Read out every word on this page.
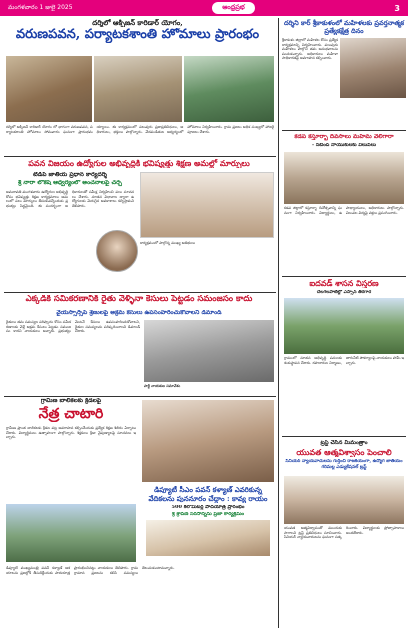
మంగళవారం 1 జులై 2025	ఆంధ్రప్రభ	3
దర్శిలో ఆక్సిజన్ కారిడార్ యోగం,
వరుణపవన, పర్యాటకశాంతి హోమాలు ప్రారంభం
దర్శిలో ఆక్సిజన్ కారిడార్ యోగం లో భాగంగా వరుణపవన, పర్యాటకశాంతి హోమాలు సోమవారం ఘనంగా ప్రారంభమయ్యాయి. ఈ కార్యక్రమంలో పలువురు ప్రజాప్రతినిధులు, అధికారులు, భక్తులు పాల్గొన్నారు. వేదపండితుల ఆధ్వర్యంలో హోమాలు నిర్వహించారు. గ్రామ ప్రజలు అధిక సంఖ్యలో హాజరై పూజలు చేశారు.
పవన విజయం ఉద్యోగుల అభివృద్ధికి భవిష్యత్తు శిక్షణ అమల్లో మార్పులు
టీడీపీ జాతీయ ప్రధాన కార్యదర్శి
శ్రీ నారా లోకేష్ ఆధ్వర్యంలో అంచనాలపై చర్చ
అమరావతి మంగళవారం ఉద్యోగుల అభివృద్ధి కోసం భవిష్యత్తు శిక్షణ కార్యక్రమాలు అమలులో పలు మార్పులు తీసుకువచ్చేందుకు ప్రభుత్వం సిద్ధమైంది. ఈ సందర్భంగా అధికారులతో సమీక్ష నిర్వహించి పలు సూచనలు చేశారు. నూతన విధానాల ద్వారా ఉద్యోగులకు మెరుగైన అవకాశాలు కల్పిస్తామని తెలిపారు.
కార్యక్రమంలో పాల్గొన్న ముఖ్య అతిథులు
ఎక్కడికి సమీకరణానికి రైతు వెళ్ళినా కేసులు పెట్టడం సమంజసం కాదు
వైయస్సార్సీపి శ్రేణులపై అక్రమ కేసులు ఉపసంహరించుకోవాలని డిమాండ్
రైతులు తమ సమస్యల పరిష్కారం కోసం సమీకరణాలకు వెళ్తే అక్రమ కేసులు పెట్టడం సమంజసం కాదని నాయకులు అన్నారు. ప్రభుత్వం వెంటనే కేసులు ఉపసంహరించుకోవాలని, రైతుల సమస్యలను పరిష్కరించాలని డిమాండ్ చేశారు.
పార్టీ నాయకుల సమావేశం
గ్రామీణ బాలికలకు క్రీడలపై
నేత్ర చాటారి
గ్రామీణ ప్రాంత బాలికలకు క్రీడల పట్ల అవగాహన కల్పించేందుకు ప్రత్యేక శిక్షణ శిబిరం ఏర్పాటు చేశారు. విద్యార్థినులు ఉత్సాహంగా పాల్గొన్నారు. శిక్షకులు క్రీడా నైపుణ్యాలపై సూచనలు ఇచ్చారు.
డిప్యూటీ సీఎం పవన్ కళ్యాణ్ ఎవరికున్న వేదికలను పుననూరం చేద్దాం : కావ్య రాయం
500 కిలోమీటర్ల పాదయాత్ర ప్రారంభం
శ్రీ శ్రావణ్ సరసాన్నను ప్రజా కార్యక్రమం
డిప్యూటీ ముఖ్యమంత్రి పవన్ కళ్యాణ్ ఆశయాలను ప్రజల్లోకి తీసుకెళ్లేందుకు పాదయాత్ర ప్రారంభించినట్లు నాయకులు తెలిపారు. గ్రామ గ్రామాన ప్రజలను కలిసి సమస్యలు తెలుసుకుంటామన్నారు.
దర్శిని కార్ శ్రీకాకుళంలో మహిళలకు ప్రవర్తనాత్మక ప్రత్యేకక్షేత్ర దినం
శ్రీకాకుళం జిల్లాలో మహిళల కోసం ప్రత్యేక కార్యక్రమాన్ని నిర్వహించారు. పలువురు మహిళలు పాల్గొని తమ అనుభవాలను పంచుకున్నారు. అధికారులు మహిళా సాధికారతపై అవగాహన కల్పించారు.
కడప కస్తూర్బా దివసాలు మహిమ వెలిగారా
- సిబింద్ నాయుకులకు విలువలు
కడప జిల్లాలో కస్తూర్బా దినోత్సవాన్ని ఘనంగా నిర్వహించారు. విద్యార్థులు, ఉపాధ్యాయులు, అధికారులు పాల్గొన్నారు. విలువల విద్యపై వక్తలు ప్రసంగించారు.
ఐదవడ్ శాసన విస్తరణ
చేలగలపాటిల్లో ఎస్సాన్ తిరగార
గ్రామంలో నూతన అభివృద్ధి పనులకు శంకుస్థాపన చేశారు. రహదారుల నిర్మాణం, తాగునీటి సౌకర్యాలపై నాయకులు హామీ ఇచ్చారు.
ట్రస్ట్ చేసిన మీమంత్రాం
యువత ఆత్మవిశ్వాసం పెంచాలి
సీనియర్ న్యాయవాదులను గుర్తించి రాజకీయంగా, ఉద్యోగ జాతీయం గరిమల్ల ఎడ్యుకేషనల్ ట్రస్ట్
యువత ఆత్మవిశ్వాసంతో ముందుకు సాగాలని ట్రస్ట్ ప్రతినిధులు సూచించారు. సీనియర్ న్యాయవాదులను ఘనంగా సత్కరించారు. విద్యార్థులకు ప్రోత్సాహకాలు అందజేశారు.
